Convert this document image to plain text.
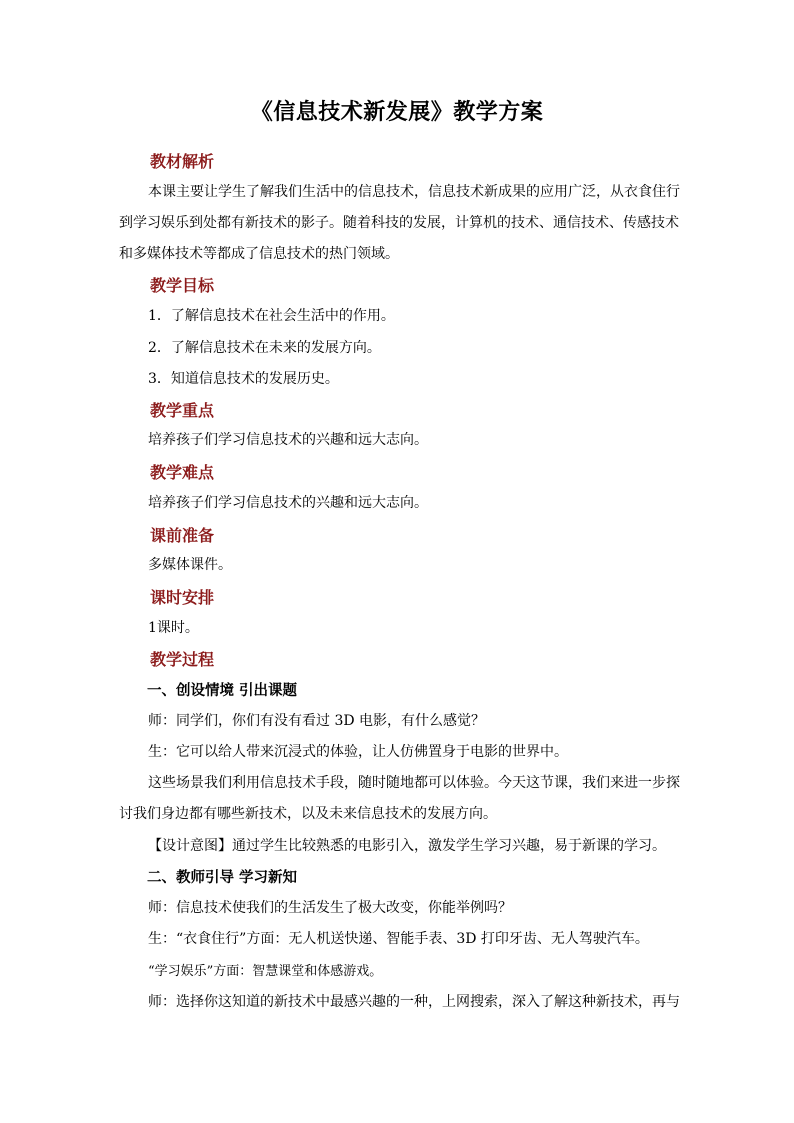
《信息技术新发展》教学方案
教材解析
本课主要让学生了解我们生活中的信息技术，信息技术新成果的应用广泛，从衣食住行
到学习娱乐到处都有新技术的影子。随着科技的发展，计算机的技术、通信技术、传感技术
和多媒体技术等都成了信息技术的热门领域。
教学目标
1．了解信息技术在社会生活中的作用。
2．了解信息技术在未来的发展方向。
3．知道信息技术的发展历史。
教学重点
培养孩子们学习信息技术的兴趣和远大志向。
教学难点
培养孩子们学习信息技术的兴趣和远大志向。
课前准备
多媒体课件。
课时安排
1课时。
教学过程
一、创设情境 引出课题
师：同学们，你们有没有看过 3D 电影，有什么感觉？
生：它可以给人带来沉浸式的体验，让人仿佛置身于电影的世界中。
这些场景我们利用信息技术手段，随时随地都可以体验。今天这节课，我们来进一步探
讨我们身边都有哪些新技术，以及未来信息技术的发展方向。
【设计意图】通过学生比较熟悉的电影引入，激发学生学习兴趣，易于新课的学习。
二、教师引导 学习新知
师：信息技术使我们的生活发生了极大改变，你能举例吗？
生：“衣食住行”方面：无人机送快递、智能手表、3D 打印牙齿、无人驾驶汽车。
“学习娱乐”方面：智慧课堂和体感游戏。
师：选择你这知道的新技术中最感兴趣的一种，上网搜索，深入了解这种新技术，再与
